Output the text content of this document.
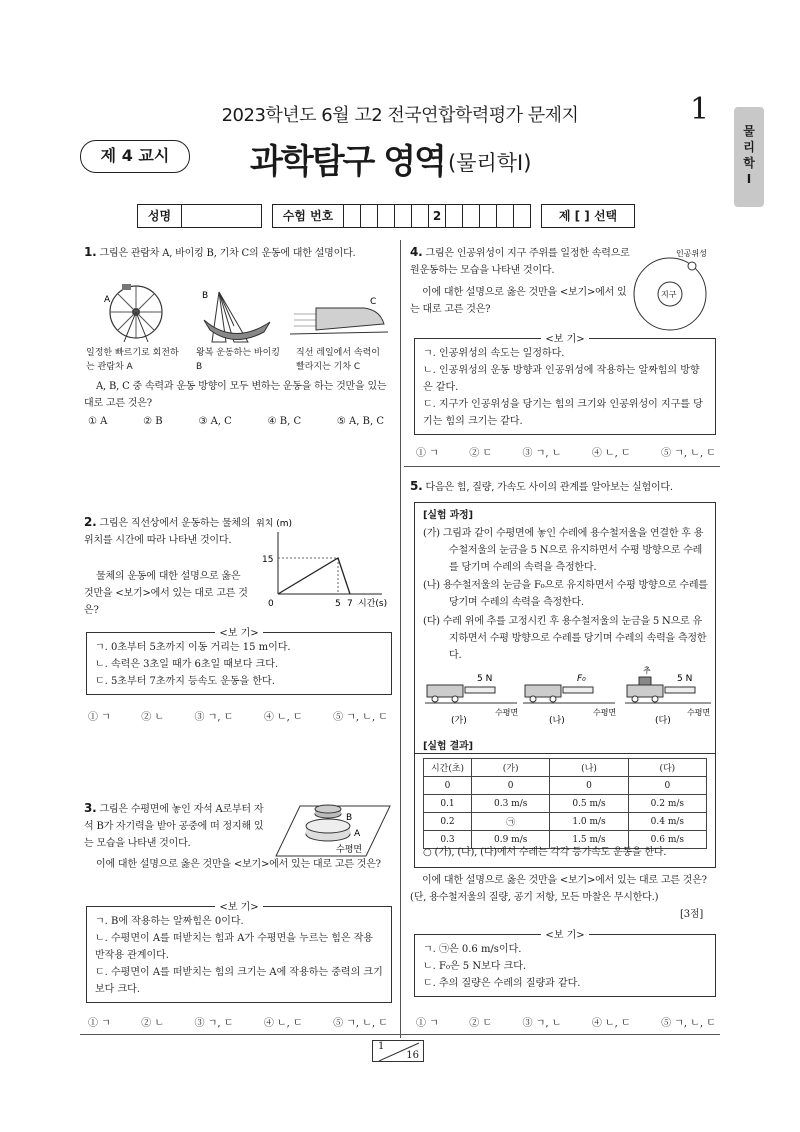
2023학년도 6월 고2 전국연합학력평가 문제지	1
물
리
학
I
제 4 교시	과학탐구 영역 (물리학Ⅰ)
성명	수험 번호	2	제 [ ] 선택
1. 그림은 관람차 A, 바이킹 B, 기차 C의 운동에 대한 설명이다.
A	B
C
일정한 빠르기로 회전하는 관람차 A
왕복 운동하는 바이킹 B
직선 레일에서 속력이 빨라지는 기차 C
A, B, C 중 속력과 운동 방향이 모두 변하는 운동을 하는 것만을 있는 대로 고른 것은?
① A	② B	③ A, C	④ B, C	⑤ A, B, C
2. 그림은 직선상에서 운동하는 물체의 위치를 시간에 따라 나타낸 것이다.
물체의 운동에 대한 설명으로 옳은 것만을 <보기>에서 있는 대로 고른 것은?
위치 (m)
15
0	5 7 시간(s)
<보 기>
ㄱ. 0초부터 5초까지 이동 거리는 15 m이다.
ㄴ. 속력은 3초일 때가 6초일 때보다 크다.
ㄷ. 5초부터 7초까지 등속도 운동을 한다.
① ㄱ	② ㄴ	③ ㄱ, ㄷ	④ ㄴ, ㄷ	⑤ ㄱ, ㄴ, ㄷ
3. 그림은 수평면에 놓인 자석 A로부터 자석 B가 자기력을 받아 공중에 떠 정지해 있는 모습을 나타낸 것이다.
B
A
수평면
이에 대한 설명으로 옳은 것만을 <보기>에서 있는 대로 고른 것은?
<보 기>
ㄱ. B에 작용하는 알짜힘은 0이다.
ㄴ. 수평면이 A를 떠받치는 힘과 A가 수평면을 누르는 힘은 작용 반작용 관계이다.
ㄷ. 수평면이 A를 떠받치는 힘의 크기는 A에 작용하는 중력의 크기보다 크다.
① ㄱ	② ㄴ	③ ㄱ, ㄷ	④ ㄴ, ㄷ	⑤ ㄱ, ㄴ, ㄷ
4. 그림은 인공위성이 지구 주위를 일정한 속력으로 원운동하는 모습을 나타낸 것이다.
이에 대한 설명으로 옳은 것만을 <보기>에서 있는 대로 고른 것은?
인공위성
지구
<보 기>
ㄱ. 인공위성의 속도는 일정하다.
ㄴ. 인공위성의 운동 방향과 인공위성에 작용하는 알짜힘의 방향은 같다.
ㄷ. 지구가 인공위성을 당기는 힘의 크기와 인공위성이 지구를 당기는 힘의 크기는 같다.
① ㄱ	② ㄷ	③ ㄱ, ㄴ	④ ㄴ, ㄷ	⑤ ㄱ, ㄴ, ㄷ
5. 다음은 힘, 질량, 가속도 사이의 관계를 알아보는 실험이다.
[실험 과정]
(가) 그림과 같이 수평면에 놓인 수레에 용수철저울을 연결한 후 용수철저울의 눈금을 5 N으로 유지하면서 수평 방향으로 수레를 당기며 수레의 속력을 측정한다.
(나) 용수철저울의 눈금을 F₀으로 유지하면서 수평 방향으로 수레를 당기며 수레의 속력을 측정한다.
(다) 수레 위에 추를 고정시킨 후 용수철저울의 눈금을 5 N으로 유지하면서 수평 방향으로 수레를 당기며 수레의 속력을 측정한다.
5 N
수평면
(가)
F₀
수평면
(나)
추
5 N
수평면
(다)
[실험 결과]
시간(초)	(가)	(나)	(다)
0	0	0	0
0.1	0.3 m/s	0.5 m/s	0.2 m/s
0.2	㉠	1.0 m/s	0.4 m/s
0.3	0.9 m/s	1.5 m/s	0.6 m/s
○ (가), (나), (다)에서 수레는 각각 등가속도 운동을 한다.
이에 대한 설명으로 옳은 것만을 <보기>에서 있는 대로 고른 것은? (단, 용수철저울의 질량, 공기 저항, 모든 마찰은 무시한다.)
[3점]
<보 기>
ㄱ. ㉠은 0.6 m/s이다.
ㄴ. F₀은 5 N보다 크다.
ㄷ. 추의 질량은 수레의 질량과 같다.
① ㄱ	② ㄷ	③ ㄱ, ㄴ	④ ㄴ, ㄷ	⑤ ㄱ, ㄴ, ㄷ
1
16
